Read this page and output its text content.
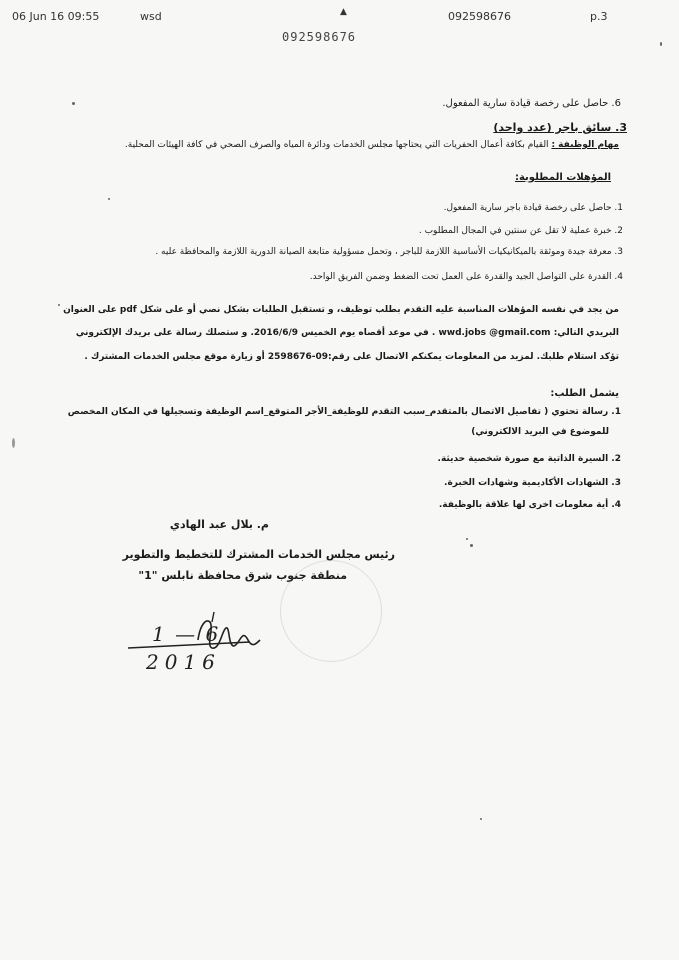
06 Jun 16 09:55	wsd	▲	092598676	p.3
092598676
6. حاصل على رخصة قيادة سارية المفعول.
3. سائق باجر (عدد واحد)
مهام الوظيفة : القيام بكافة أعمال الحفريات التي يحتاجها مجلس الخدمات ودائرة المياه والصرف الصحي في كافة الهيئات المحلية.
المؤهلات المطلوبة:
1. حاصل على رخصة قيادة باجر سارية المفعول.
2. خبرة عملية لا تقل عن سنتين في المجال المطلوب .
3. معرفة جيدة وموثقة بالميكانيكيات الأساسية اللازمة للباجر ، وتحمل مسؤولية متابعة الصيانة الدورية اللازمة والمحافظة عليه .
4. القدرة على التواصل الجيد والقدرة على العمل تحت الضغط وضمن الفريق الواحد.
من يجد في نفسه المؤهلات المناسبة عليه التقدم بطلب توظيف، و تستقبل الطلبات بشكل نصي أو على شكل pdf على العنوان
البريدي التالي: wwd.jobs @gmail.com . في موعد أقصاه يوم الخميس 2016/6/9. و ستصلك رسالة على بريدك الإلكتروني
تؤكد استلام طلبك. لمزيد من المعلومات يمكنكم الاتصال على رقم:09-2598676 أو زيارة موقع مجلس الخدمات المشترك .
يشمل الطلب:
1. رسالة تحتوي ( تفاصيل الاتصال بالمتقدم_سبب التقدم للوظيفة_الأجر المتوقع_اسم الوظيفة وتسجيلها في المكان المخصص
للموضوع في البريد الالكتروني)
2. السيرة الذاتية مع صورة شخصية حديثة.
3. الشهادات الأكاديمية وشهادات الخبرة.
4. أية معلومات اخرى لها علاقة بالوظيفة.
م. بلال عبد الهادي
رئيس مجلس الخدمات المشترك للتخطيط والتطوير
منطقة جنوب شرق محافظة نابلس "1"
1 — 6
2016
